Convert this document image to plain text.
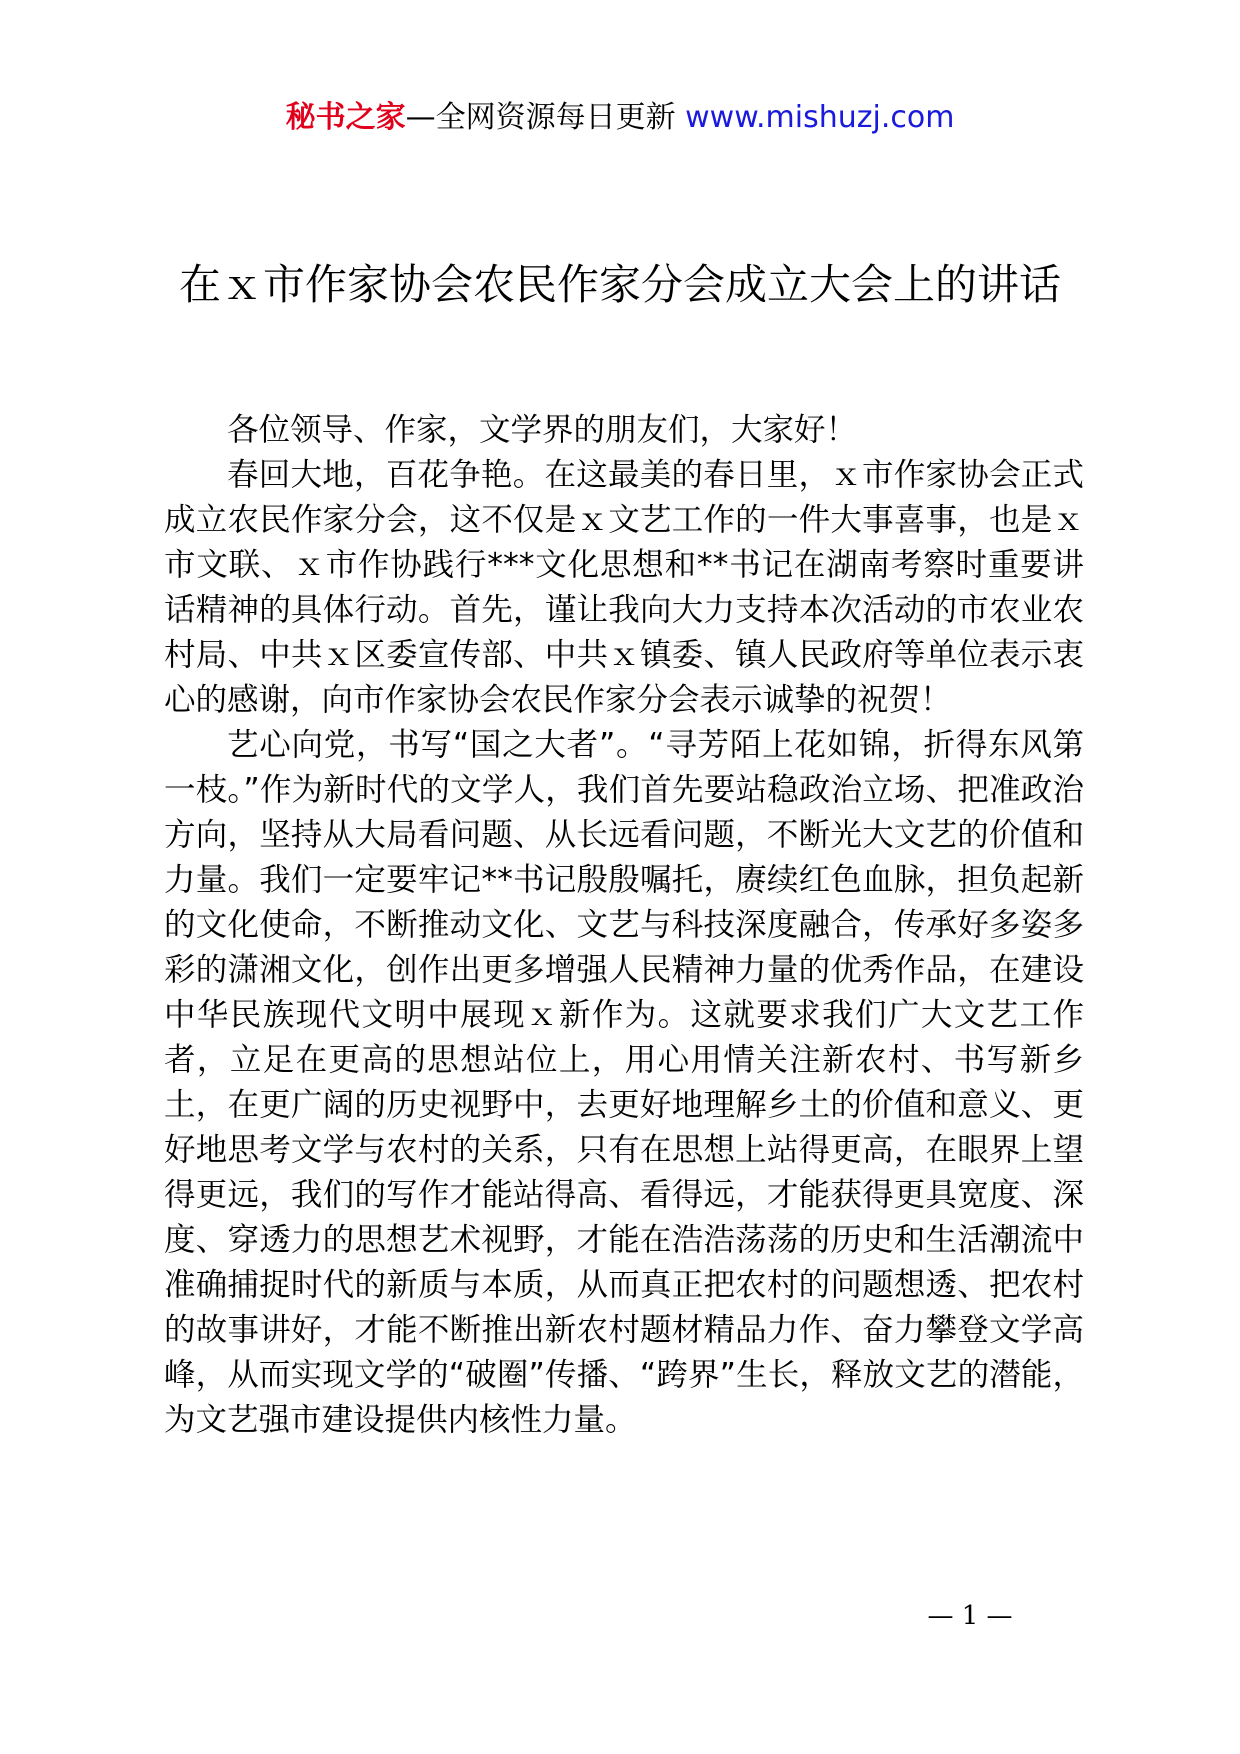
秘书之家—全网资源每日更新 www.mishuzj.com
在ｘ市作家协会农民作家分会成立大会上的讲话

各位领导、作家，文学界的朋友们，大家好！

春回大地，百花争艳。在这最美的春日里，ｘ市作家协会正式成立农民作家分会，这不仅是ｘ文艺工作的一件大事喜事，也是ｘ市文联、ｘ市作协践行***文化思想和**书记在湖南考察时重要讲话精神的具体行动。首先，谨让我向大力支持本次活动的市农业农村局、中共ｘ区委宣传部、中共ｘ镇委、镇人民政府等单位表示衷心的感谢，向市作家协会农民作家分会表示诚挚的祝贺！

艺心向党，书写“国之大者”。“寻芳陌上花如锦，折得东风第一枝。”作为新时代的文学人，我们首先要站稳政治立场、把准政治方向，坚持从大局看问题、从长远看问题，不断光大文艺的价值和力量。我们一定要牢记**书记殷殷嘱托，赓续红色血脉，担负起新的文化使命，不断推动文化、文艺与科技深度融合，传承好多姿多彩的潇湘文化，创作出更多增强人民精神力量的优秀作品，在建设中华民族现代文明中展现ｘ新作为。这就要求我们广大文艺工作者，立足在更高的思想站位上，用心用情关注新农村、书写新乡土，在更广阔的历史视野中，去更好地理解乡土的价值和意义、更好地思考文学与农村的关系，只有在思想上站得更高，在眼界上望得更远，我们的写作才能站得高、看得远，才能获得更具宽度、深度、穿透力的思想艺术视野，才能在浩浩荡荡的历史和生活潮流中准确捕捉时代的新质与本质，从而真正把农村的问题想透、把农村的故事讲好，才能不断推出新农村题材精品力作、奋力攀登文学高峰，从而实现文学的“破圈”传播、“跨界”生长，释放文艺的潜能，为文艺强市建设提供内核性力量。

— 1 —
